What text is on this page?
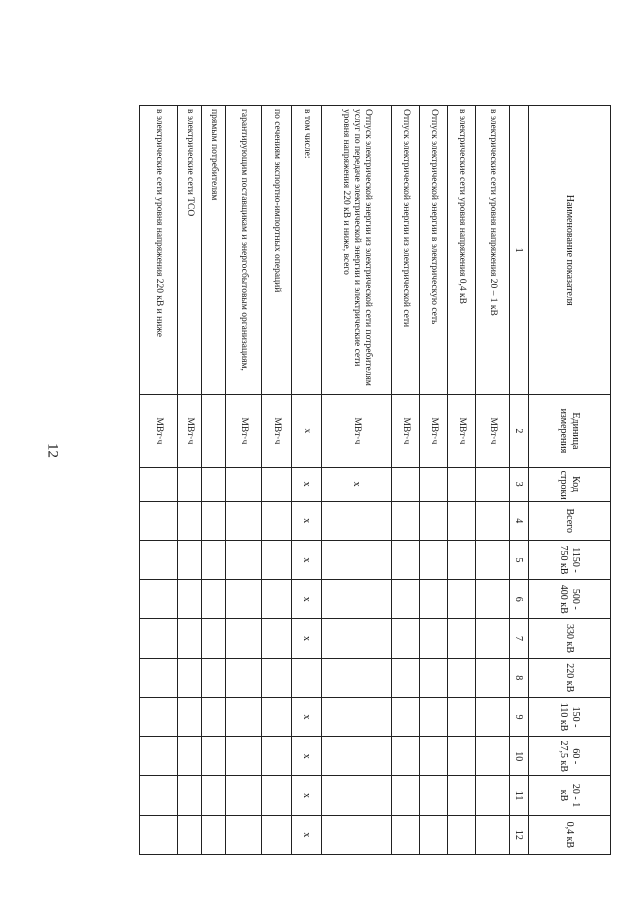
12
Наименование показателя	Единица измерения	Код строки	Всего	1150 - 750 кВ	500 - 400 кВ	330 кВ	220 кВ	150 - 110 кВ	60 - 27,5 кВ	20 - 1 кВ	0,4 кВ
1	2	3	4	5	6	7	8	9	10	11	12
в электрические сети уровня напряжения 20 – 1 кВ	МВт·ч										
в электрические сети уровня напряжения 0,4 кВ	МВт·ч										
Отпуск электрической энергии в электрическую сеть	МВт·ч										
Отпуск электрической энергии из электрической сети	МВт·ч										
Отпуск электрической энергии из электрической сети потребителям услуг по передаче электрической энергии и электрические сети уровня напряжения 220 кВ и ниже, всего	МВт·ч	х									
в том числе:	х	х	х	х	х	х		х	х	х	х
по сечениям экспортно-импортных операций	МВт·ч										
гарантирующим поставщикам и энергосбытовым организациям,	МВт·ч										
прямым потребителям											
в электрические сети ТСО	МВт·ч										
в электрические сети уровня напряжения 220 кВ и ниже	МВт·ч										
